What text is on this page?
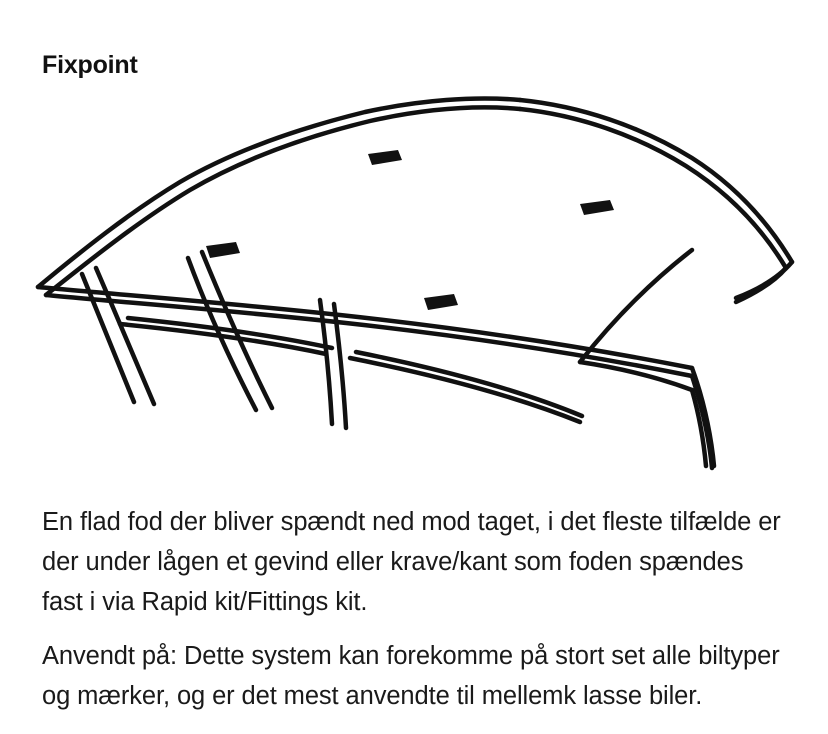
Fixpoint

En flad fod der bliver spændt ned mod taget, i det fleste tilfælde er der under lågen et gevind eller krave/kant som foden spændes fast i via Rapid kit/Fittings kit.

Anvendt på: Dette system kan forekomme på stort set alle biltyper og mærker, og er det mest anvendte til mellemk lasse biler.
